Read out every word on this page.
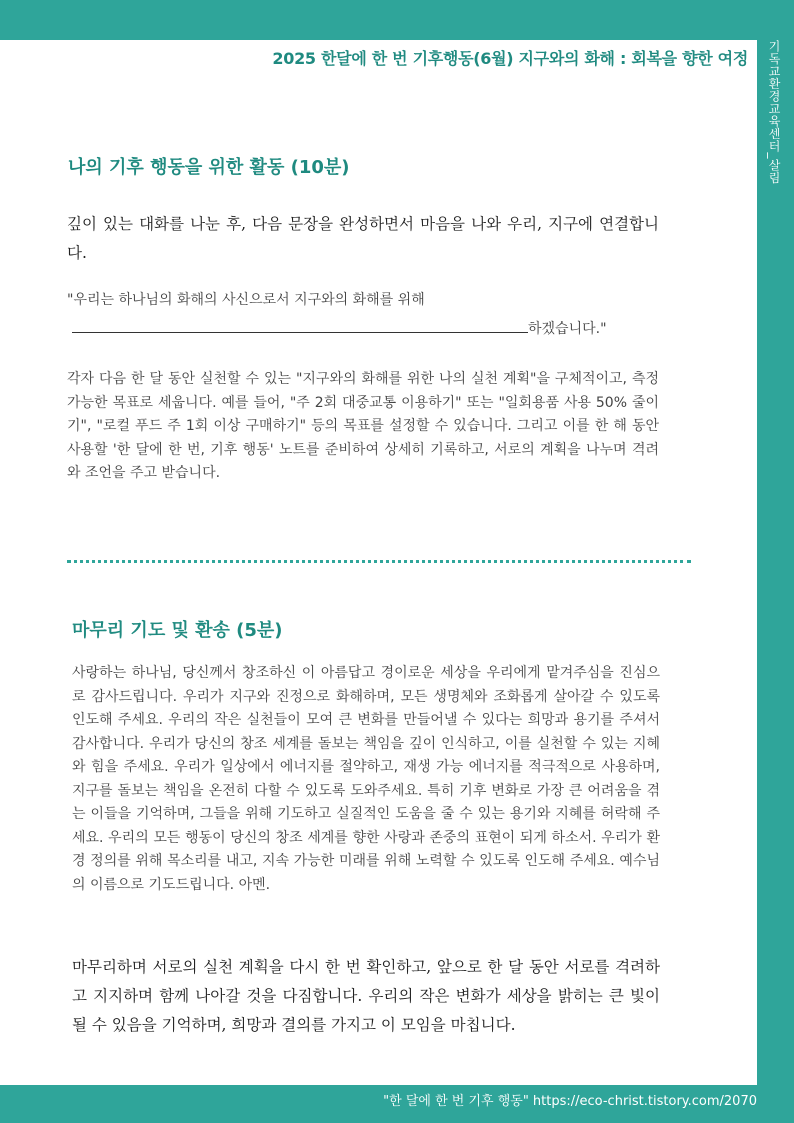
기독교환경교육센터_살림
2025 한달에 한 번 기후행동(6월) 지구와의 화해 : 회복을 향한 여정
나의 기후 행동을 위한 활동 (10분)

깊이 있는 대화를 나눈 후, 다음 문장을 완성하면서 마음을 나와 우리, 지구에 연결합니다.

"우리는 하나님의 화해의 사신으로서 지구와의 화해를 위해

하겠습니다."

각자 다음 한 달 동안 실천할 수 있는 "지구와의 화해를 위한 나의 실천 계획"을 구체적이고, 측정 가능한 목표로 세웁니다. 예를 들어, "주 2회 대중교통 이용하기" 또는 "일회용품 사용 50% 줄이기", "로컬 푸드 주 1회 이상 구매하기" 등의 목표를 설정할 수 있습니다. 그리고 이를 한 해 동안 사용할 '한 달에 한 번, 기후 행동' 노트를 준비하여 상세히 기록하고, 서로의 계획을 나누며 격려와 조언을 주고 받습니다.

마무리 기도 및 환송 (5분)

사랑하는 하나님, 당신께서 창조하신 이 아름답고 경이로운 세상을 우리에게 맡겨주심을 진심으로 감사드립니다. 우리가 지구와 진정으로 화해하며, 모든 생명체와 조화롭게 살아갈 수 있도록 인도해 주세요. 우리의 작은 실천들이 모여 큰 변화를 만들어낼 수 있다는 희망과 용기를 주셔서 감사합니다. 우리가 당신의 창조 세계를 돌보는 책임을 깊이 인식하고, 이를 실천할 수 있는 지혜와 힘을 주세요. 우리가 일상에서 에너지를 절약하고, 재생 가능 에너지를 적극적으로 사용하며, 지구를 돌보는 책임을 온전히 다할 수 있도록 도와주세요. 특히 기후 변화로 가장 큰 어려움을 겪는 이들을 기억하며, 그들을 위해 기도하고 실질적인 도움을 줄 수 있는 용기와 지혜를 허락해 주세요. 우리의 모든 행동이 당신의 창조 세계를 향한 사랑과 존중의 표현이 되게 하소서. 우리가 환경 정의를 위해 목소리를 내고, 지속 가능한 미래를 위해 노력할 수 있도록 인도해 주세요. 예수님의 이름으로 기도드립니다. 아멘.

마무리하며 서로의 실천 계획을 다시 한 번 확인하고, 앞으로 한 달 동안 서로를 격려하고 지지하며 함께 나아갈 것을 다짐합니다. 우리의 작은 변화가 세상을 밝히는 큰 빛이 될 수 있음을 기억하며, 희망과 결의를 가지고 이 모임을 마칩니다.

"한 달에 한 번 기후 행동" https://eco-christ.tistory.com/2070
